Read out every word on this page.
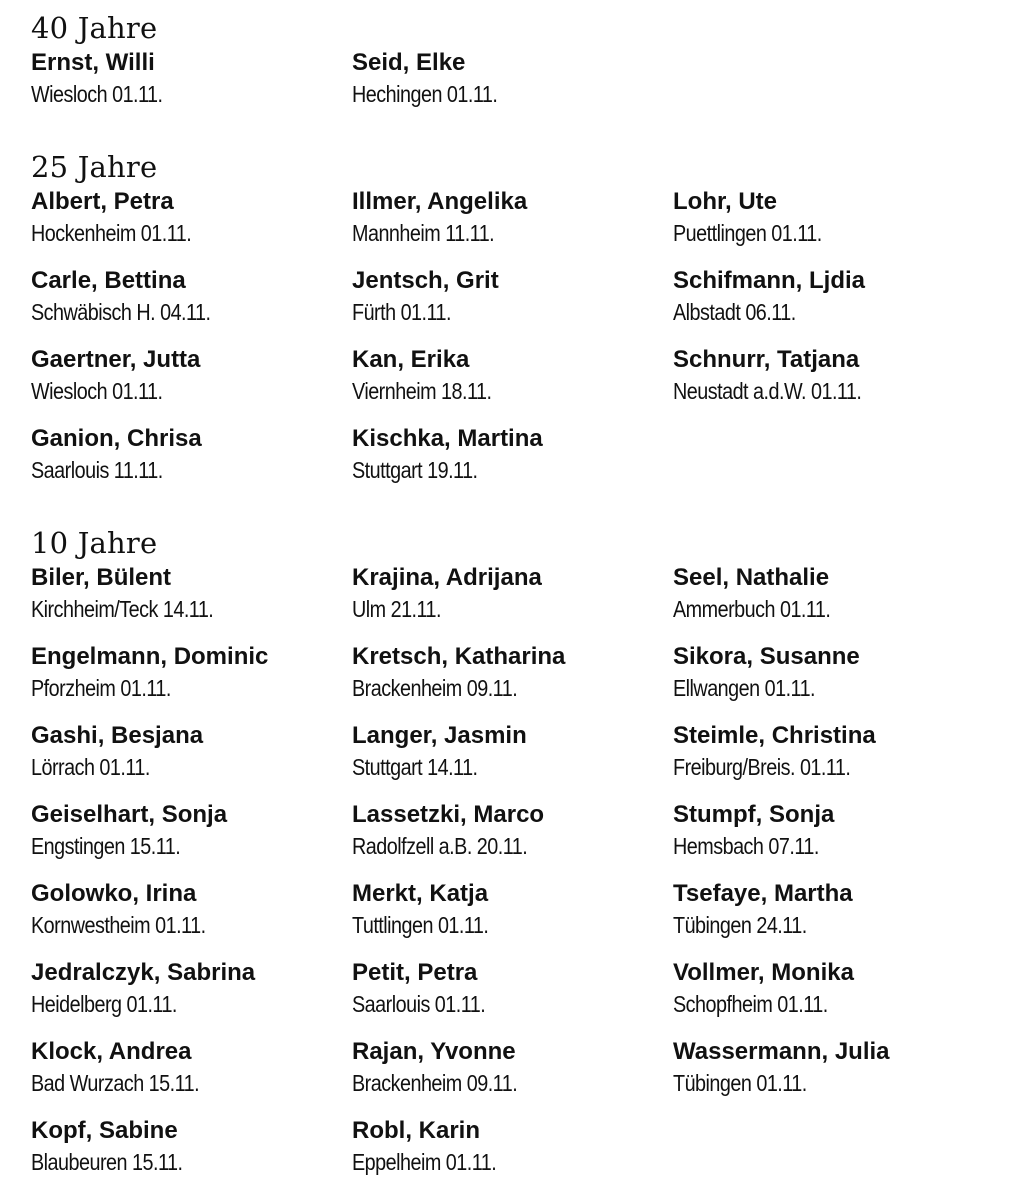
40 Jahre
Ernst, Willi
Wiesloch 01.11.
Seid, Elke
Hechingen 01.11.
25 Jahre
Albert, Petra
Hockenheim 01.11.
Illmer, Angelika
Mannheim 11.11.
Lohr, Ute
Puettlingen 01.11.
Carle, Bettina
Schwäbisch H. 04.11.
Jentsch, Grit
Fürth 01.11.
Schifmann, Ljdia
Albstadt 06.11.
Gaertner, Jutta
Wiesloch 01.11.
Kan, Erika
Viernheim 18.11.
Schnurr, Tatjana
Neustadt a.d.W. 01.11.
Ganion, Chrisa
Saarlouis 11.11.
Kischka, Martina
Stuttgart 19.11.
10 Jahre
Biler, Bülent
Kirchheim/Teck 14.11.
Krajina, Adrijana
Ulm 21.11.
Seel, Nathalie
Ammerbuch 01.11.
Engelmann, Dominic
Pforzheim 01.11.
Kretsch, Katharina
Brackenheim 09.11.
Sikora, Susanne
Ellwangen 01.11.
Gashi, Besjana
Lörrach 01.11.
Langer, Jasmin
Stuttgart 14.11.
Steimle, Christina
Freiburg/Breis. 01.11.
Geiselhart, Sonja
Engstingen 15.11.
Lassetzki, Marco
Radolfzell a.B. 20.11.
Stumpf, Sonja
Hemsbach 07.11.
Golowko, Irina
Kornwestheim 01.11.
Merkt, Katja
Tuttlingen 01.11.
Tsefaye, Martha
Tübingen 24.11.
Jedralczyk, Sabrina
Heidelberg 01.11.
Petit, Petra
Saarlouis 01.11.
Vollmer, Monika
Schopfheim 01.11.
Klock, Andrea
Bad Wurzach 15.11.
Rajan, Yvonne
Brackenheim 09.11.
Wassermann, Julia
Tübingen 01.11.
Kopf, Sabine
Blaubeuren 15.11.
Robl, Karin
Eppelheim 01.11.
